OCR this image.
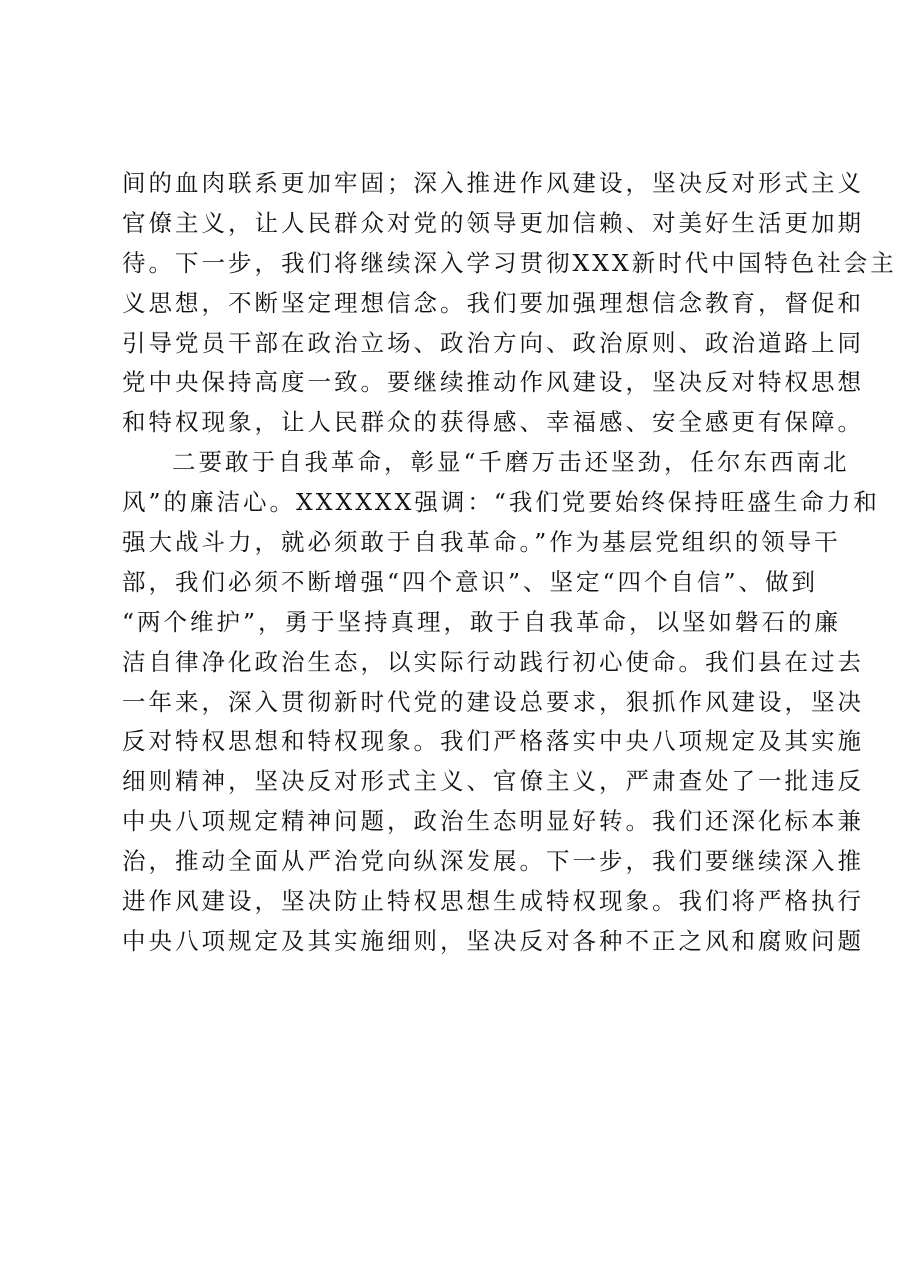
间的血肉联系更加牢固；深入推进作风建设，坚决反对形式主义
官僚主义，让人民群众对党的领导更加信赖、对美好生活更加期
待。下一步，我们将继续深入学习贯彻XXX新时代中国特色社会主
义思想，不断坚定理想信念。我们要加强理想信念教育，督促和
引导党员干部在政治立场、政治方向、政治原则、政治道路上同
党中央保持高度一致。要继续推动作风建设，坚决反对特权思想
和特权现象，让人民群众的获得感、幸福感、安全感更有保障。
二要敢于自我革命，彰显“千磨万击还坚劲，任尔东西南北
风”的廉洁心。XXXXXX强调：“我们党要始终保持旺盛生命力和
强大战斗力，就必须敢于自我革命。”作为基层党组织的领导干
部，我们必须不断增强“四个意识”、坚定“四个自信”、做到
“两个维护”，勇于坚持真理，敢于自我革命，以坚如磐石的廉
洁自律净化政治生态，以实际行动践行初心使命。我们县在过去
一年来，深入贯彻新时代党的建设总要求，狠抓作风建设，坚决
反对特权思想和特权现象。我们严格落实中央八项规定及其实施
细则精神，坚决反对形式主义、官僚主义，严肃查处了一批违反
中央八项规定精神问题，政治生态明显好转。我们还深化标本兼
治，推动全面从严治党向纵深发展。下一步，我们要继续深入推
进作风建设，坚决防止特权思想生成特权现象。我们将严格执行
中央八项规定及其实施细则，坚决反对各种不正之风和腐败问题
